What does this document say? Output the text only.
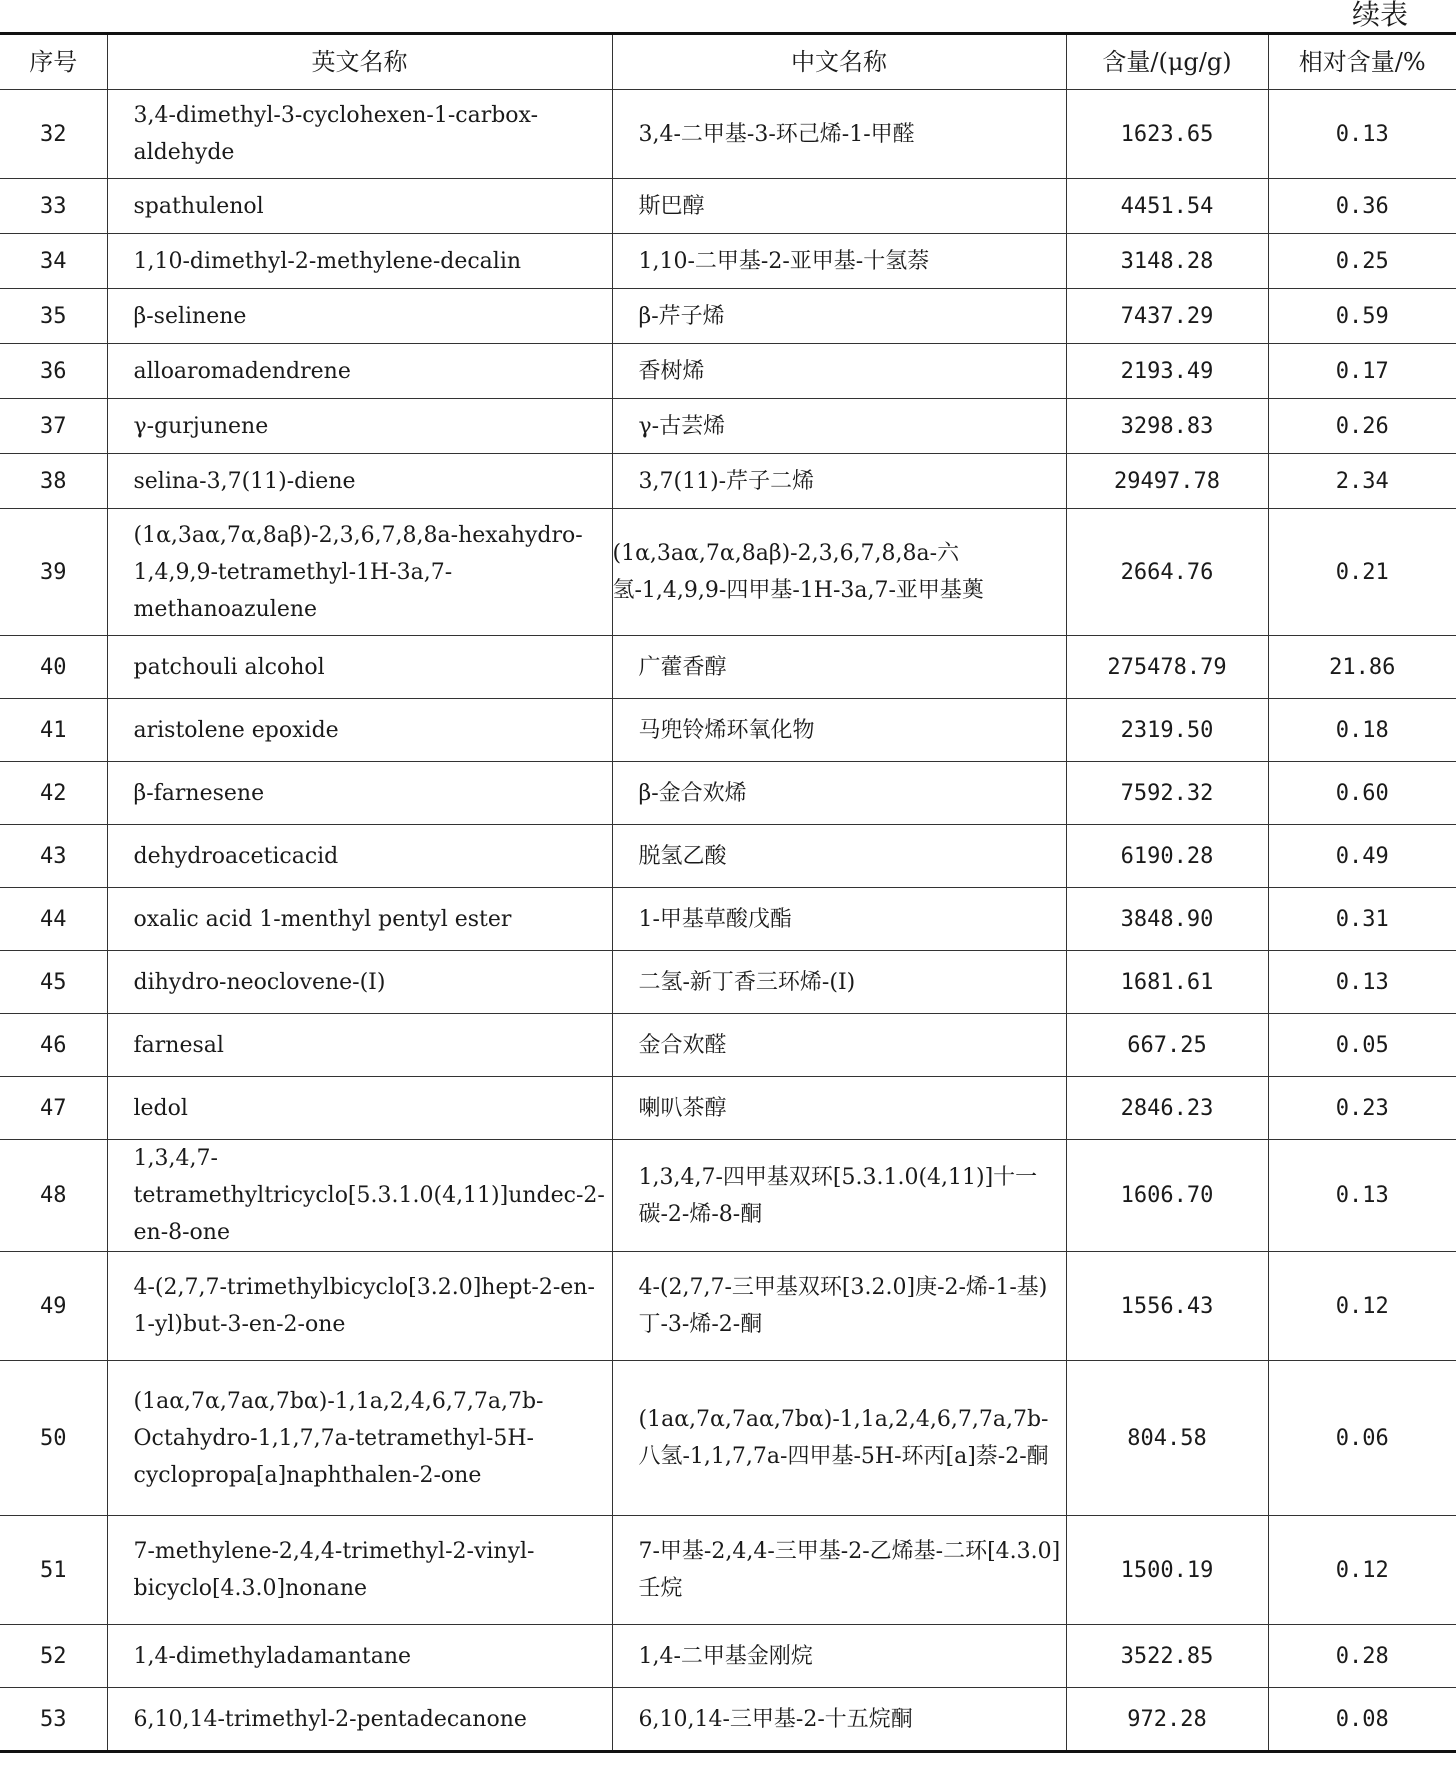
续表
序号	英文名称	中文名称	含量/(μg/g)	相对含量/%
32	3,4-dimethyl-3-cyclohexen-1-carbox-aldehyde	3,4-二甲基-3-环己烯-1-甲醛	1623.65	0.13
33	spathulenol	斯巴醇	4451.54	0.36
34	1,10-dimethyl-2-methylene-decalin	1,10-二甲基-2-亚甲基-十氢萘	3148.28	0.25
35	β-selinene	β-芹子烯	7437.29	0.59
36	alloaromadendrene	香树烯	2193.49	0.17
37	γ-gurjunene	γ-古芸烯	3298.83	0.26
38	selina-3,7(11)-diene	3,7(11)-芹子二烯	29497.78	2.34
39	(1α,3aα,7α,8aβ)-2,3,6,7,8,8a-hexahydro-1,4,9,9-tetramethyl-1H-3a,7-methanoazulene	(1α,3aα,7α,8aβ)-2,3,6,7,8,8a-六氢-1,4,9,9-四甲基-1H-3a,7-亚甲基薁	2664.76	0.21
40	patchouli alcohol	广藿香醇	275478.79	21.86
41	aristolene epoxide	马兜铃烯环氧化物	2319.50	0.18
42	β-farnesene	β-金合欢烯	7592.32	0.60
43	dehydroaceticacid	脱氢乙酸	6190.28	0.49
44	oxalic acid 1-menthyl pentyl ester	1-甲基草酸戊酯	3848.90	0.31
45	dihydro-neoclovene-(Ⅰ)	二氢-新丁香三环烯-(Ⅰ)	1681.61	0.13
46	farnesal	金合欢醛	667.25	0.05
47	ledol	喇叭茶醇	2846.23	0.23
48	1,3,4,7-tetramethyltricyclo[5.3.1.0(4,11)]undec-2-en-8-one	1,3,4,7-四甲基双环[5.3.1.0(4,11)]十一碳-2-烯-8-酮	1606.70	0.13
49	4-(2,7,7-trimethylbicyclo[3.2.0]hept-2-en-1-yl)but-3-en-2-one	4-(2,7,7-三甲基双环[3.2.0]庚-2-烯-1-基)丁-3-烯-2-酮	1556.43	0.12
50	(1aα,7α,7aα,7bα)-1,1a,2,4,6,7,7a,7b-Octahydro-1,1,7,7a-tetramethyl-5H-cyclopropa[a]naphthalen-2-one	(1aα,7α,7aα,7bα)-1,1a,2,4,6,7,7a,7b-八氢-1,1,7,7a-四甲基-5H-环丙[a]萘-2-酮	804.58	0.06
51	7-methylene-2,4,4-trimethyl-2-vinyl-bicyclo[4.3.0]nonane	7-甲基-2,4,4-三甲基-2-乙烯基-二环[4.3.0]壬烷	1500.19	0.12
52	1,4-dimethyladamantane	1,4-二甲基金刚烷	3522.85	0.28
53	6,10,14-trimethyl-2-pentadecanone	6,10,14-三甲基-2-十五烷酮	972.28	0.08
